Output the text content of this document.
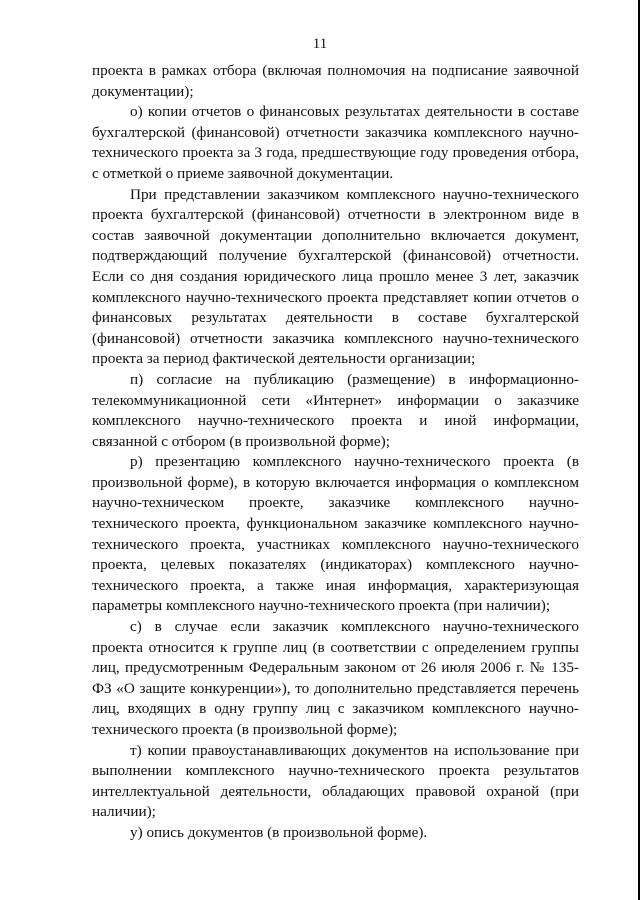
11

проекта в рамках отбора (включая полномочия на подписание заявочной документации);

о) копии отчетов о финансовых результатах деятельности в составе бухгалтерской (финансовой) отчетности заказчика комплексного научно-технического проекта за 3 года, предшествующие году проведения отбора, с отметкой о приеме заявочной документации.

При представлении заказчиком комплексного научно-технического проекта бухгалтерской (финансовой) отчетности в электронном виде в состав заявочной документации дополнительно включается документ, подтверждающий получение бухгалтерской (финансовой) отчетности. Если со дня создания юридического лица прошло менее 3 лет, заказчик комплексного научно-технического проекта представляет копии отчетов о финансовых результатах деятельности в составе бухгалтерской (финансовой) отчетности заказчика комплексного научно-технического проекта за период фактической деятельности организации;

п) согласие на публикацию (размещение) в информационно-телекоммуникационной сети «Интернет» информации о заказчике комплексного научно-технического проекта и иной информации, связанной с отбором (в произвольной форме);

р) презентацию комплексного научно-технического проекта (в произвольной форме), в которую включается информация о комплексном научно-техническом проекте, заказчике комплексного научно-технического проекта, функциональном заказчике комплексного научно-технического проекта, участниках комплексного научно-технического проекта, целевых показателях (индикаторах) комплексного научно-технического проекта, а также иная информация, характеризующая параметры комплексного научно-технического проекта (при наличии);

с) в случае если заказчик комплексного научно-технического проекта относится к группе лиц (в соответствии с определением группы лиц, предусмотренным Федеральным законом от 26 июля 2006 г. № 135-ФЗ «О защите конкуренции»), то дополнительно представляется перечень лиц, входящих в одну группу лиц с заказчиком комплексного научно-технического проекта (в произвольной форме);

т) копии правоустанавливающих документов на использование при выполнении комплексного научно-технического проекта результатов интеллектуальной деятельности, обладающих правовой охраной (при наличии);

у) опись документов (в произвольной форме).
